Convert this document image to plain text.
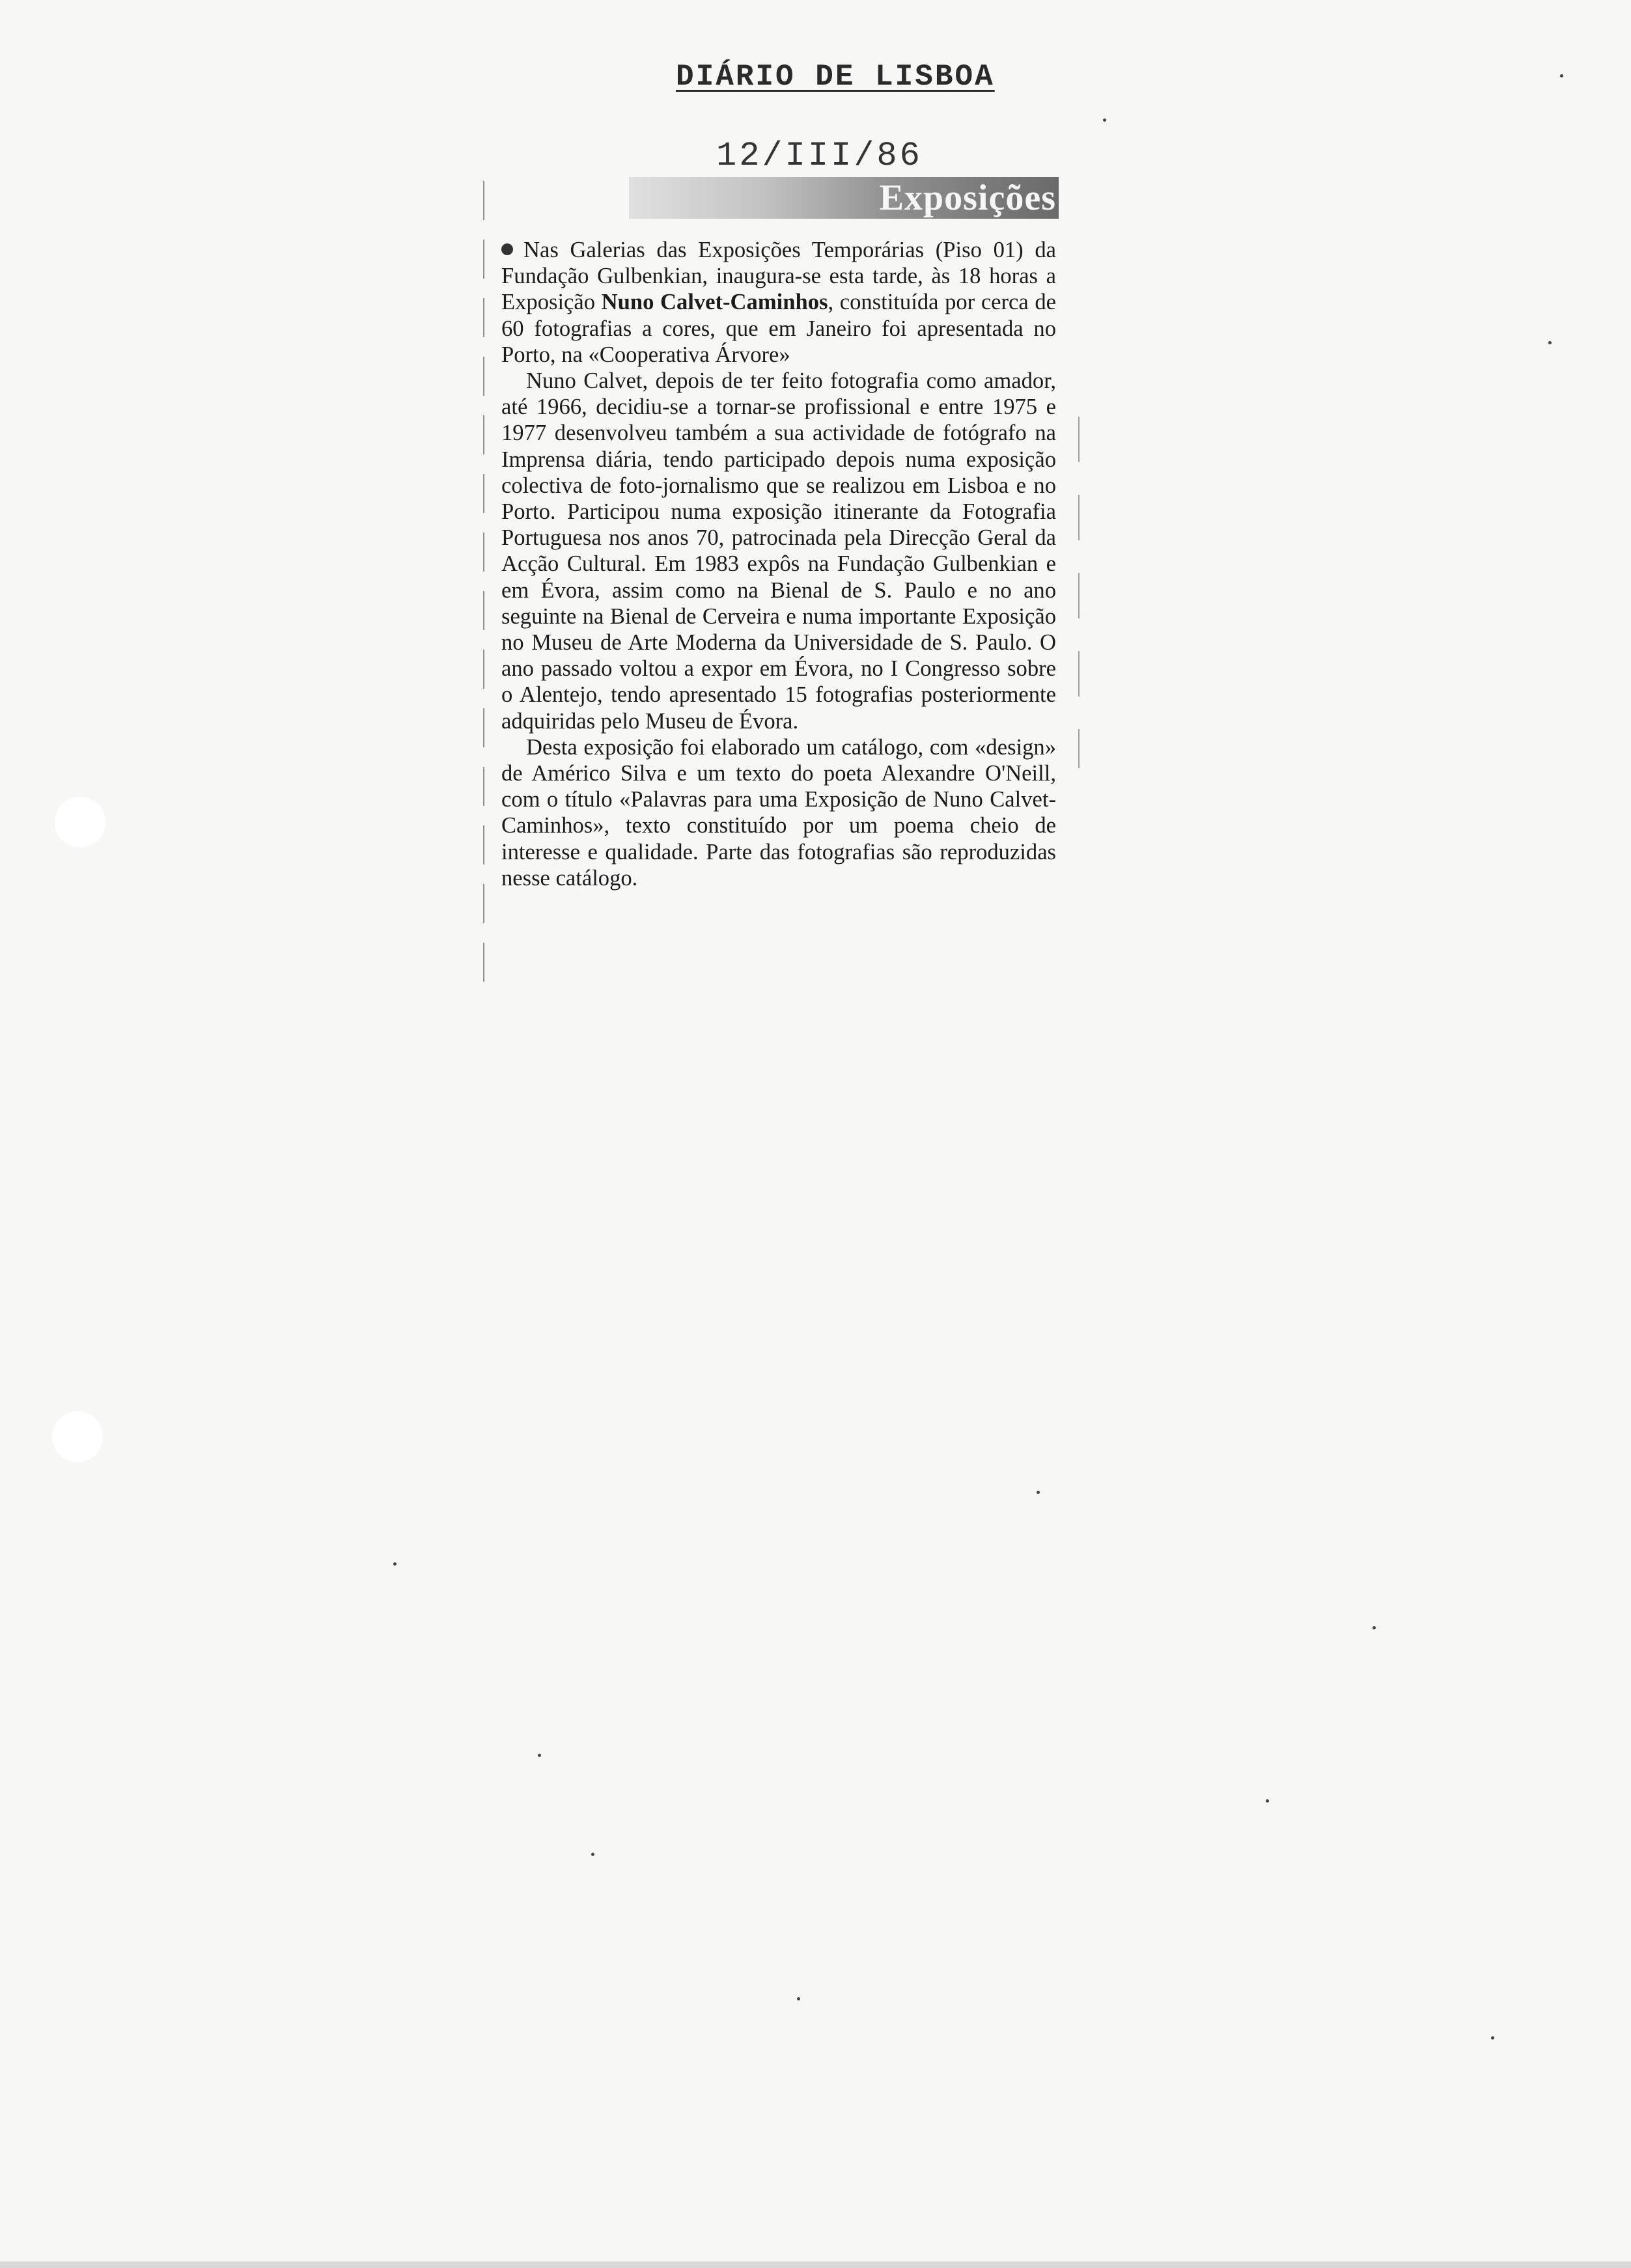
DIÁRIO DE LISBOA
12/III/86
Exposições

Nas Galerias das Exposições Temporárias (Piso 01) da Fundação Gulbenkian, inaugura-se esta tarde, às 18 horas a Exposição Nuno Calvet-Caminhos, constituída por cerca de 60 fotografias a cores, que em Janeiro foi apresentada no Porto, na «Cooperativa Árvore»

Nuno Calvet, depois de ter feito fotografia como amador, até 1966, decidiu-se a tornar-se profissional e entre 1975 e 1977 desenvolveu também a sua actividade de fotógrafo na Imprensa diária, tendo participado depois numa exposição colectiva de foto-jornalismo que se realizou em Lisboa e no Porto. Participou numa exposição itinerante da Fotografia Portuguesa nos anos 70, patrocinada pela Direcção Geral da Acção Cultural. Em 1983 expôs na Fundação Gulbenkian e em Évora, assim como na Bienal de S. Paulo e no ano seguinte na Bienal de Cerveira e numa importante Exposição no Museu de Arte Moderna da Universidade de S. Paulo. O ano passado voltou a expor em Évora, no I Congresso sobre o Alentejo, tendo apresentado 15 fotografias posteriormente adquiridas pelo Museu de Évora.

Desta exposição foi elaborado um catálogo, com «design» de Américo Silva e um texto do poeta Alexandre O'Neill, com o título «Palavras para uma Exposição de Nuno Calvet-Caminhos», texto constituído por um poema cheio de interesse e qualidade. Parte das fotografias são reproduzidas nesse catálogo.
